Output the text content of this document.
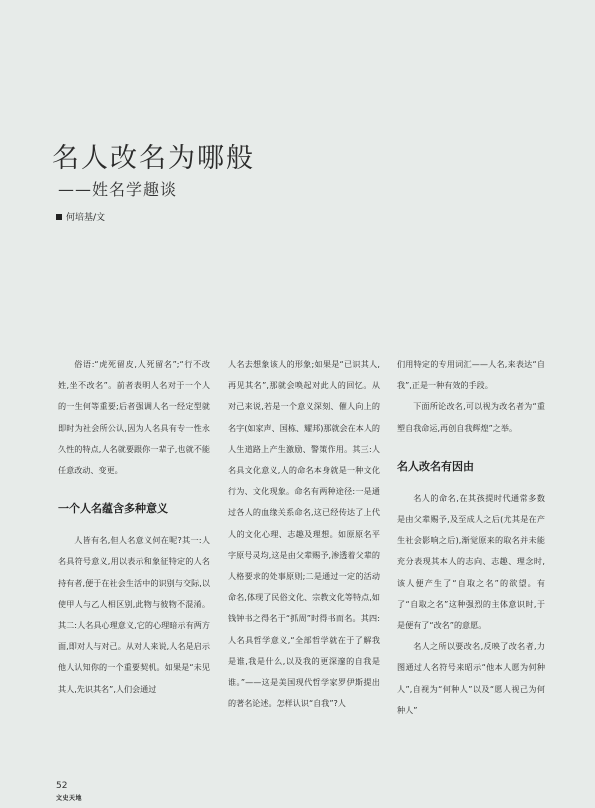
名人改名为哪般
——姓名学趣谈
何培基/文

俗语:“虎死留皮,人死留名”;“行不改姓,坐不改名”。前者表明人名对于一个人的一生何等重要;后者强调人名一经定型就即时为社会所公认,因为人名具有专一性永久性的特点,人名就要跟你一辈子,也就不能任意改动、变更。

一个人名蕴含多种意义

人皆有名,但人名意义何在呢?其一:人名具符号意义,用以表示和象征特定的人名持有者,便于在社会生活中的识别与交际,以使甲人与乙人相区别,此物与彼物不混淆。其二:人名具心理意义,它的心理暗示有两方面,即对人与对己。从对人来说,人名是启示他人认知你的一个重要契机。如果是“未见其人,先识其名”,人们会通过

人名去想象该人的形象;如果是“已识其人,再见其名”,那就会唤起对此人的回忆。从对己来说,若是一个意义深刻、催人向上的名字(如家声、国栋、耀邦)那就会在本人的人生道路上产生激励、警策作用。其三:人名具文化意义,人的命名本身就是一种文化行为、文化现象。命名有两种途径:一是通过各人的血缘关系命名,这已经传达了上代人的文化心理、志趣及理想。如原原名平字原号灵均,这是由父辈赐予,渗透着父辈的人格要求的处事原则;二是通过一定的活动命名,体现了民俗文化、宗教文化等特点,如钱钟书之得名于“抓周”时得书而名。其四:人名具哲学意义,“全部哲学就在于了解我是谁,我是什么,以及我的更深邃的自我是谁。”——这是美国现代哲学家罗伊斯提出的著名论述。怎样认识“自我”?人

们用特定的专用词汇——人名,来表达“自我”,正是一种有效的手段。

下面所论改名,可以视为改名者为“重塑自我命运,再创自我辉煌”之举。

名人改名有因由

名人的命名,在其孩提时代通常多数是由父辈赐予,及至成人之后(尤其是在产生社会影响之后),渐觉原来的取名并未能充分表现其本人的志向、志趣、理念时,该人便产生了“自取之名”的欲望。有了“自取之名”这种强烈的主体意识时,于是便有了“改名”的意愿。

名人之所以要改名,反映了改名者,力图通过人名符号来昭示“他本人愿为何种人”,自视为“何种人”以及“愿人视己为何种人”

52
文史天地
